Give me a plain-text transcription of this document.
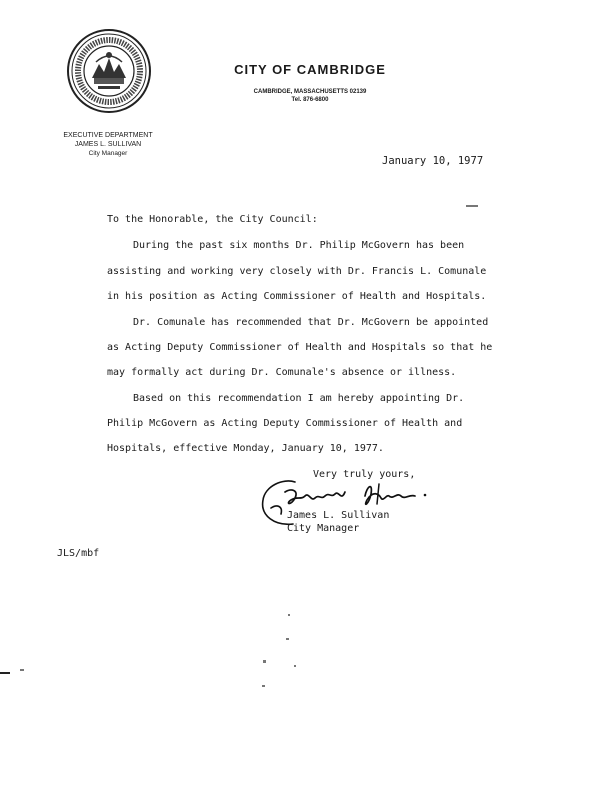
CITY OF CAMBRIDGE
CAMBRIDGE, MASSACHUSETTS 02139
Tel. 876-6800
EXECUTIVE DEPARTMENT
JAMES L. SULLIVAN
City Manager
January 10, 1977
To the Honorable, the City Council:
During the past six months Dr. Philip McGovern has been
assisting and working very closely with Dr. Francis L. Comunale
in his position as Acting Commissioner of Health and Hospitals.
Dr. Comunale has recommended that Dr. McGovern be appointed
as Acting Deputy Commissioner of Health and Hospitals so that he
may formally act during Dr. Comunale's absence or illness.
Based on this recommendation I am hereby appointing Dr.
Philip McGovern as Acting Deputy Commissioner of Health and
Hospitals, effective Monday, January 10, 1977.
Very truly yours,
James L. Sullivan
City Manager
JLS/mbf
